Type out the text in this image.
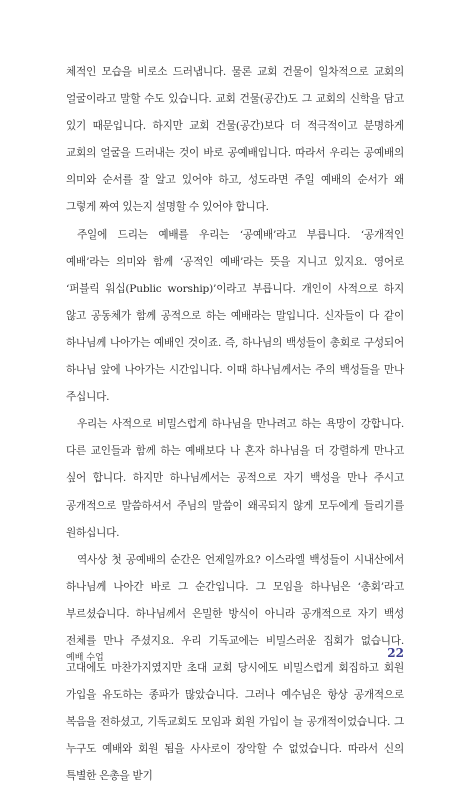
체적인 모습을 비로소 드러냅니다. 물론 교회 건물이 일차적으로 교회의 얼굴이라고 말할 수도 있습니다. 교회 건물(공간)도 그 교회의 신학을 담고 있기 때문입니다. 하지만 교회 건물(공간)보다 더 적극적이고 분명하게 교회의 얼굴을 드러내는 것이 바로 공예배입니다. 따라서 우리는 공예배의 의미와 순서를 잘 알고 있어야 하고, 성도라면 주일 예배의 순서가 왜 그렇게 짜여 있는지 설명할 수 있어야 합니다.

주일에 드리는 예배를 우리는 ‘공예배’라고 부릅니다. ‘공개적인 예배’라는 의미와 함께 ‘공적인 예배’라는 뜻을 지니고 있지요. 영어로 ‘퍼블릭 워십(Public worship)’이라고 부릅니다. 개인이 사적으로 하지 않고 공동체가 함께 공적으로 하는 예배라는 말입니다. 신자들이 다 같이 하나님께 나아가는 예배인 것이죠. 즉, 하나님의 백성들이 총회로 구성되어 하나님 앞에 나아가는 시간입니다. 이때 하나님께서는 주의 백성들을 만나 주십니다.

우리는 사적으로 비밀스럽게 하나님을 만나려고 하는 욕망이 강합니다. 다른 교인들과 함께 하는 예배보다 나 혼자 하나님을 더 강렬하게 만나고 싶어 합니다. 하지만 하나님께서는 공적으로 자기 백성을 만나 주시고 공개적으로 말씀하셔서 주님의 말씀이 왜곡되지 않게 모두에게 들리기를 원하십니다.

역사상 첫 공예배의 순간은 언제일까요? 이스라엘 백성들이 시내산에서 하나님께 나아간 바로 그 순간입니다. 그 모임을 하나님은 ‘총회’라고 부르셨습니다. 하나님께서 은밀한 방식이 아니라 공개적으로 자기 백성 전체를 만나 주셨지요. 우리 기독교에는 비밀스러운 집회가 없습니다. 고대에도 마찬가지였지만 초대 교회 당시에도 비밀스럽게 회집하고 회원 가입을 유도하는 종파가 많았습니다. 그러나 예수님은 항상 공개적으로 복음을 전하셨고, 기독교회도 모임과 회원 가입이 늘 공개적이었습니다. 그 누구도 예배와 회원 됨을 사사로이 장악할 수 없었습니다. 따라서 신의 특별한 은총을 받기

예배 수업	22
